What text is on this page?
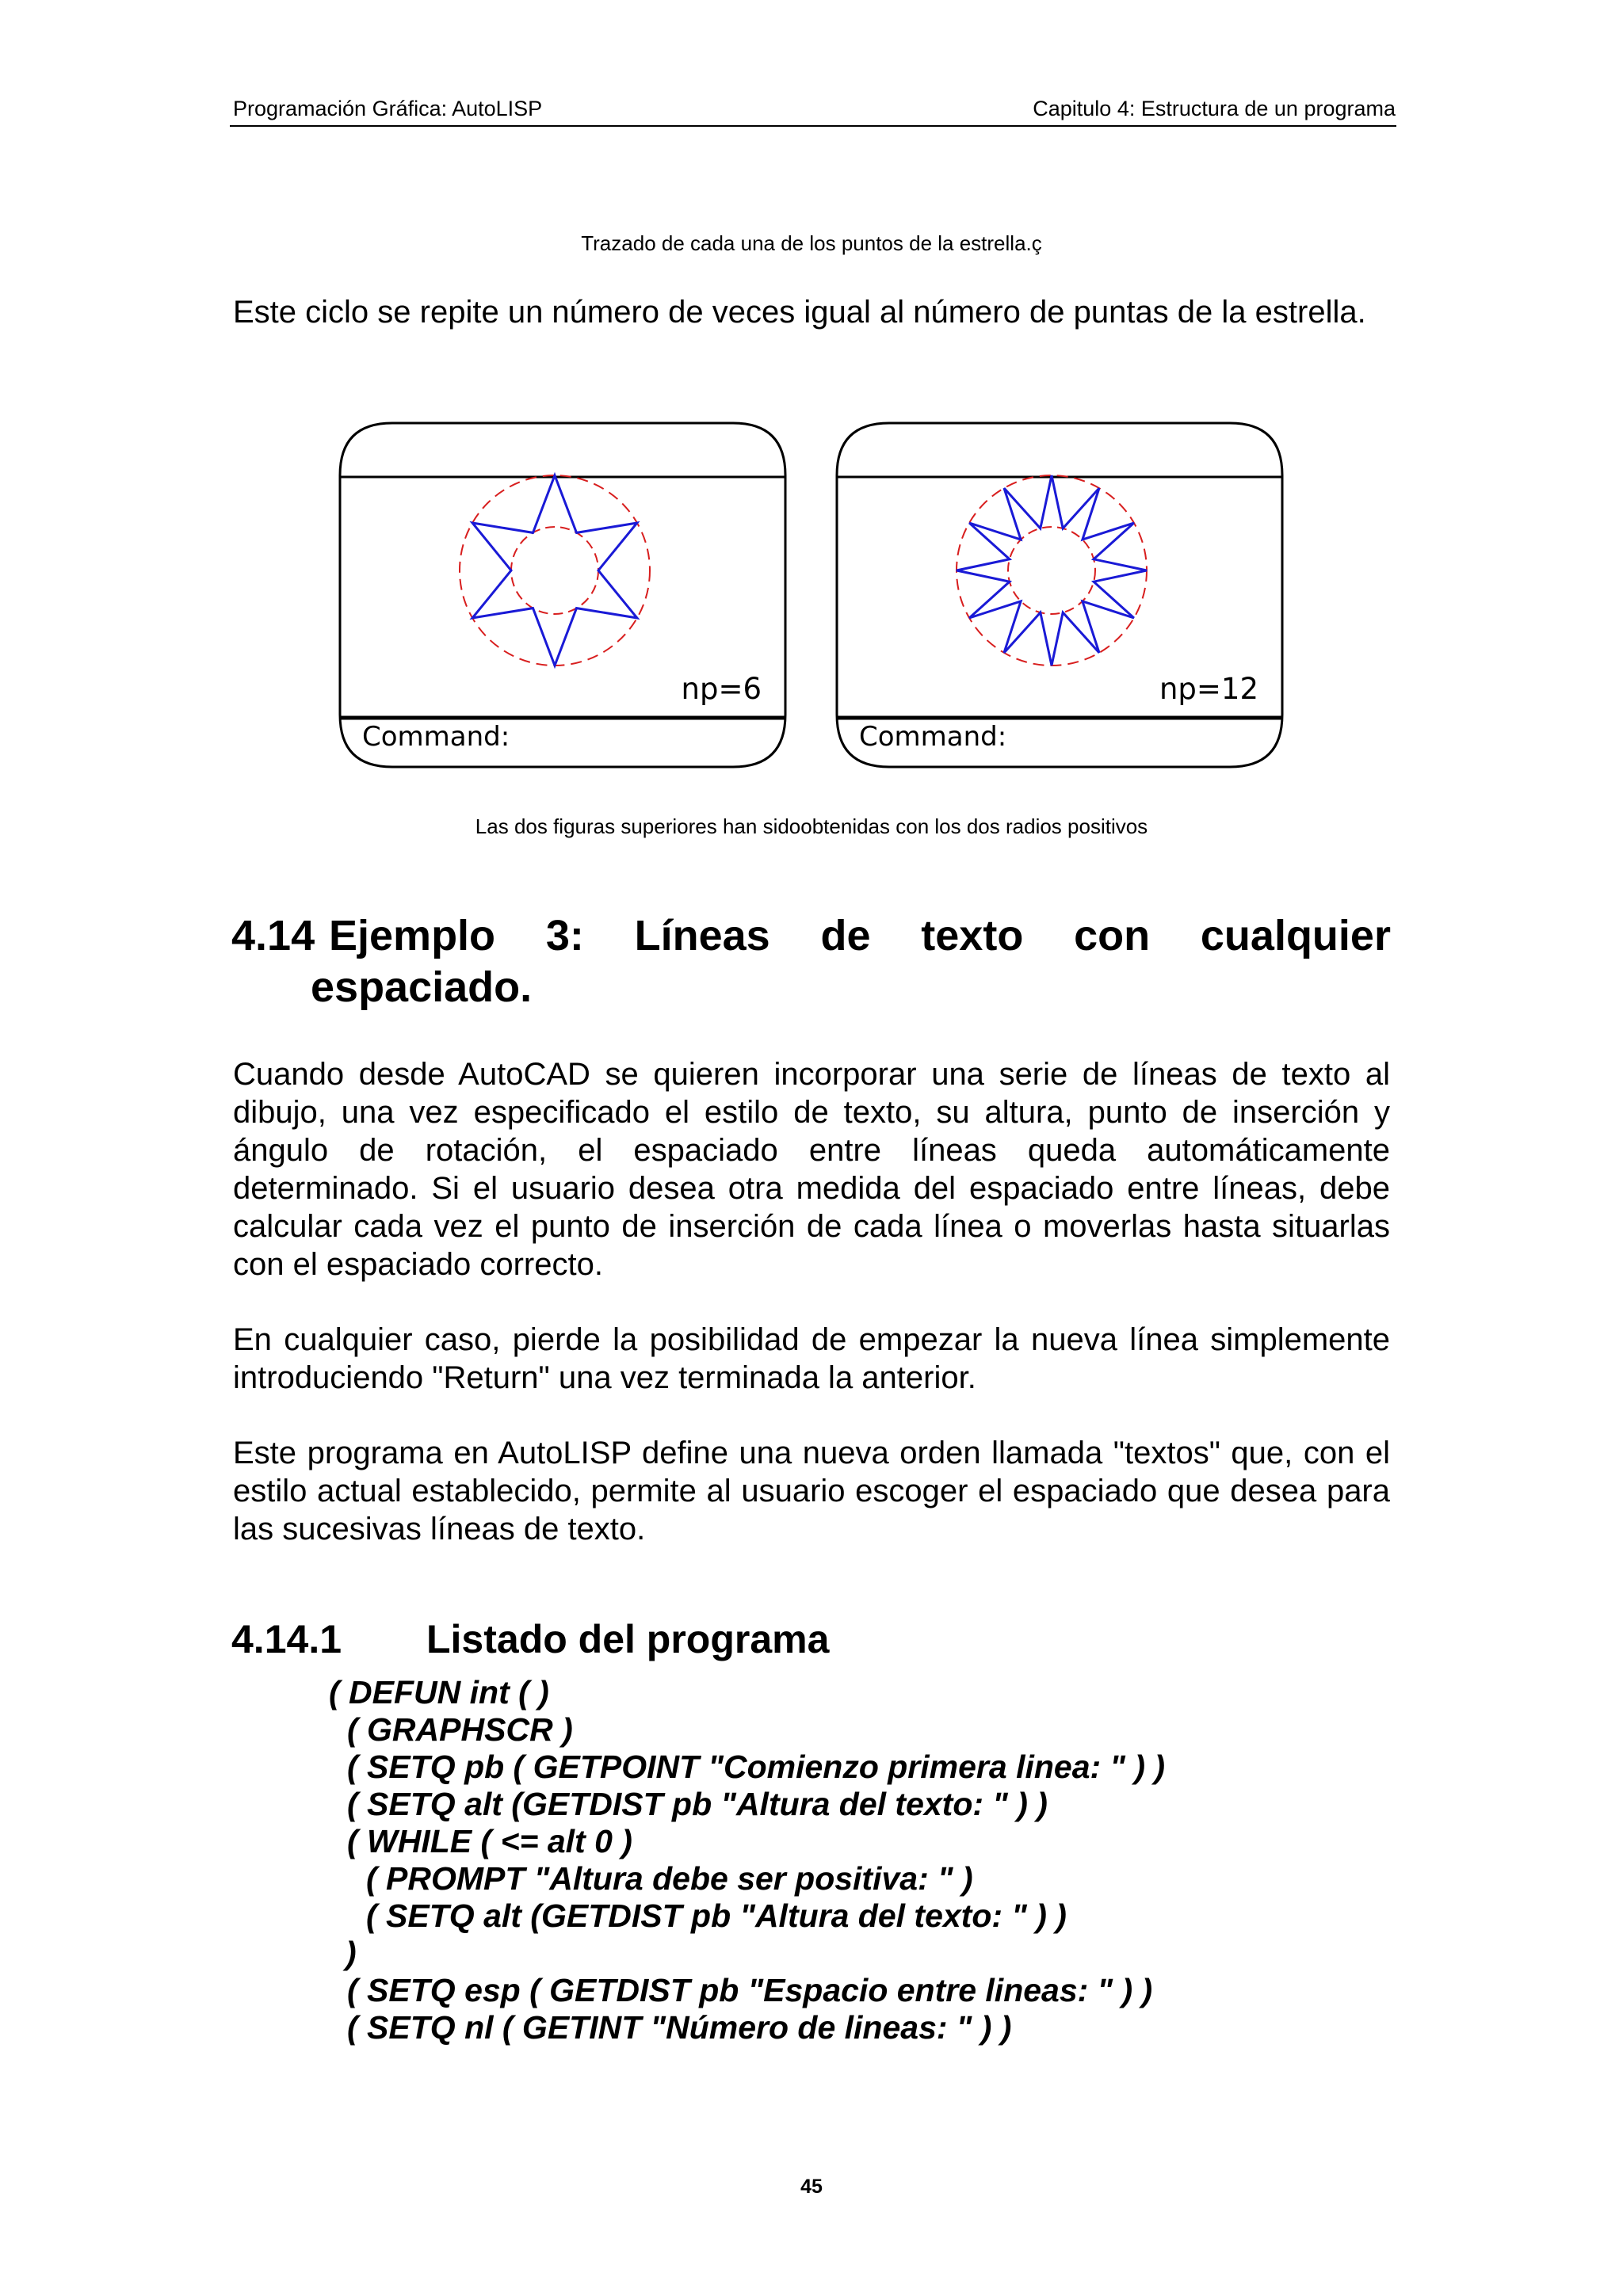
Programación Gráfica: AutoLISP	Capitulo 4: Estructura de un programa
Trazado de cada una de los puntos de la estrella.ç
Este ciclo se repite un número de veces igual al número de puntas de la estrella.
np=6
Command:
np=12
Command:
Las dos figuras superiores han sidoobtenidas con los dos radios positivos
4.14 Ejemplo 3: Líneas de texto con cualquier
espaciado.
Cuando desde AutoCAD se quieren incorporar una serie de líneas de texto al dibujo, una vez especificado el estilo de texto, su altura, punto de inserción y ángulo de rotación, el espaciado entre líneas queda automáticamente determinado. Si el usuario desea otra medida del espaciado entre líneas, debe calcular cada vez el punto de inserción de cada línea o moverlas hasta situarlas con el espaciado correcto.
En cualquier caso, pierde la posibilidad de empezar la nueva línea simplemente introduciendo "Return" una vez terminada la anterior.
Este programa en AutoLISP define una nueva orden llamada "textos" que, con el estilo actual establecido, permite al usuario escoger el espaciado que desea para las sucesivas líneas de texto.
4.14.1 Listado del programa
( DEFUN int ( )
( GRAPHSCR )
( SETQ pb ( GETPOINT "Comienzo primera linea: " ) )
( SETQ alt (GETDIST pb "Altura del texto: " ) )
( WHILE ( <= alt 0 )
( PROMPT "Altura debe ser positiva: " )
( SETQ alt (GETDIST pb "Altura del texto: " ) )
)
( SETQ esp ( GETDIST pb "Espacio entre lineas: " ) )
( SETQ nl ( GETINT "Número de lineas: " ) )
45
